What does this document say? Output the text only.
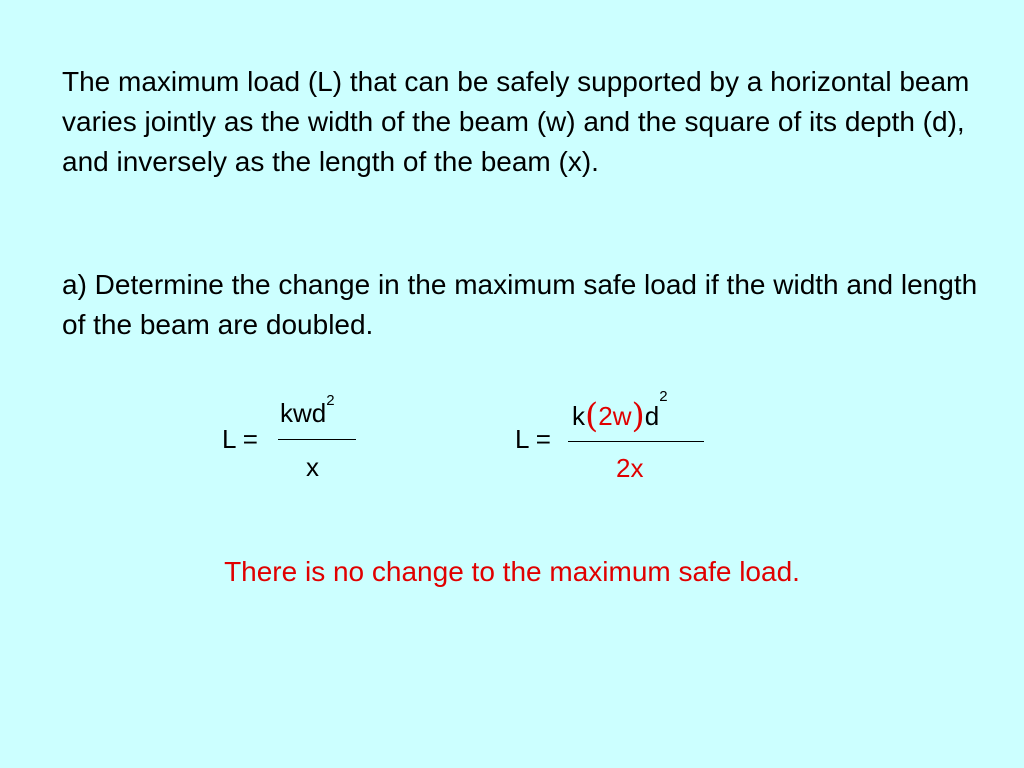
The maximum load (L) that can be safely supported by a horizontal beam varies jointly as the width of the beam (w) and the square of its depth (d), and inversely as the length of the beam (x).

a) Determine the change in the maximum safe load if the width and length of the beam are doubled.

L =
kwd$^2$
x
L =
$k(2w)d^2$
2x

There is no change to the maximum safe load.
